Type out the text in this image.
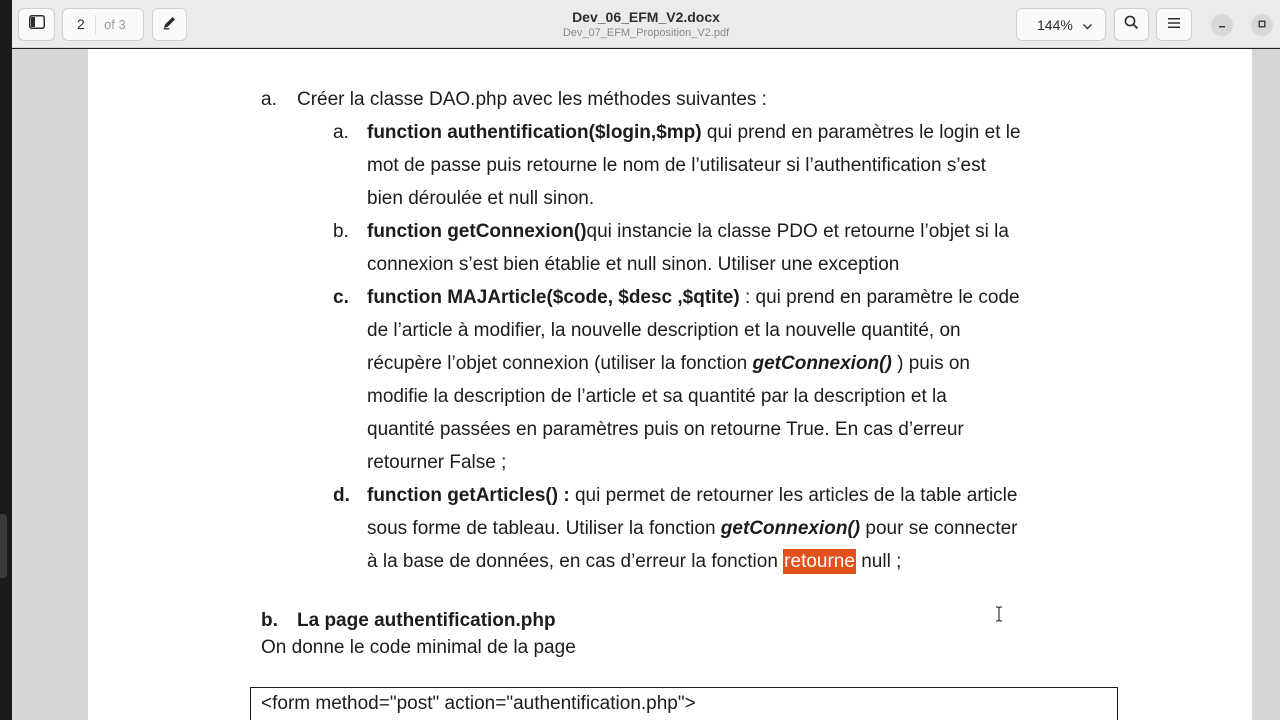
2 of 3	Dev_06_EFM_V2.docx
Dev_07_EFM_Proposition_V2.pdf
144%
a. Créer la classe DAO.php avec les méthodes suivantes :
a. function authentification($login,$mp) qui prend en paramètres le login et le
mot de passe puis retourne le nom de l’utilisateur si l’authentification s’est
bien déroulée et null sinon.
b. function getConnexion()qui instancie la classe PDO et retourne l’objet si la
connexion s’est bien établie et null sinon. Utiliser une exception
c. function MAJArticle($code, $desc ,$qtite) : qui prend en paramètre le code
de l’article à modifier, la nouvelle description et la nouvelle quantité, on
récupère l’objet connexion (utiliser la fonction getConnexion() ) puis on
modifie la description de l’article et sa quantité par la description et la
quantité passées en paramètres puis on retourne True. En cas d’erreur
retourner False ;
d. function getArticles() : qui permet de retourner les articles de la table article
sous forme de tableau. Utiliser la fonction getConnexion() pour se connecter
à la base de données, en cas d’erreur la fonction retourne null ;
b. La page authentification.php
On donne le code minimal de la page
<form method="post" action="authentification.php">
